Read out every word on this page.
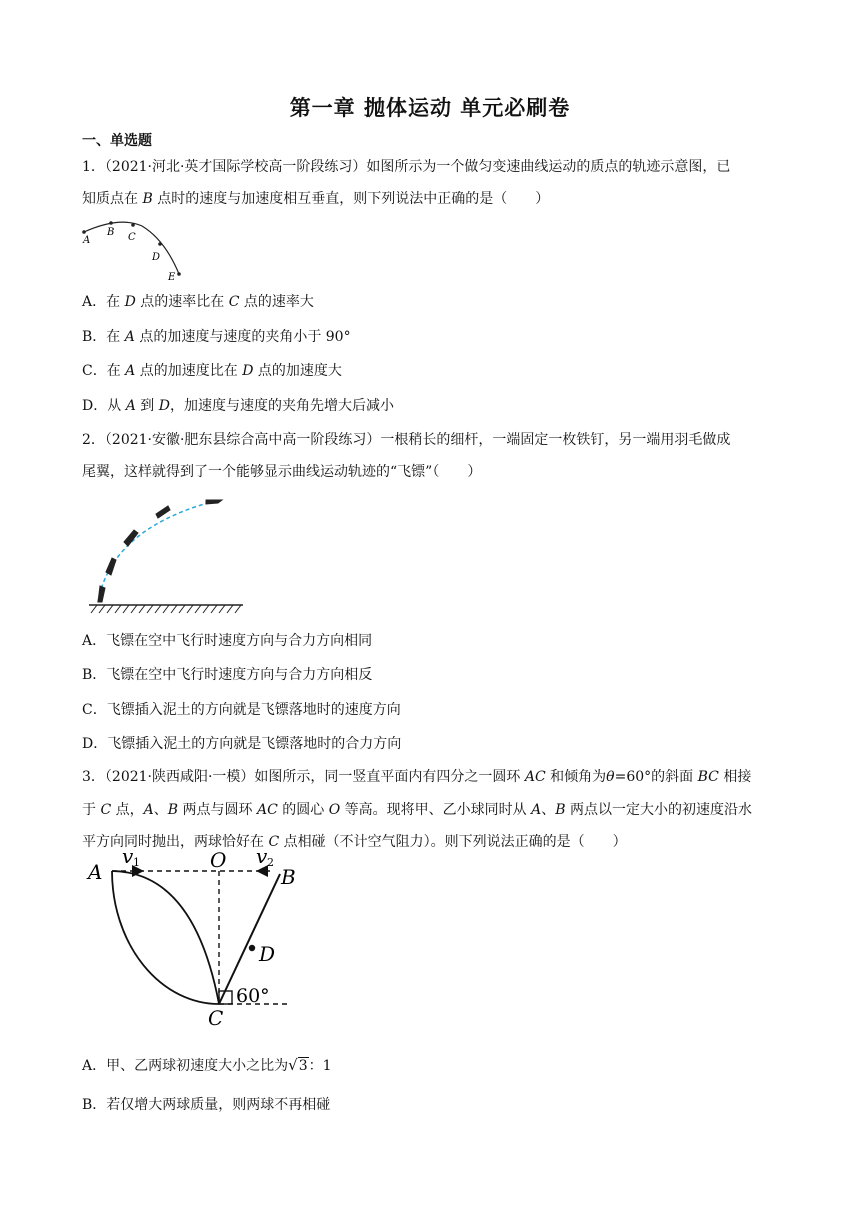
第一章 抛体运动 单元必刷卷
一、单选题
1．（2021·河北·英才国际学校高一阶段练习）如图所示为一个做匀变速曲线运动的质点的轨迹示意图，已
知质点在 B 点时的速度与加速度相互垂直，则下列说法中正确的是（　　）
A
B C
D
E
A．在 D 点的速率比在 C 点的速率大
B．在 A 点的加速度与速度的夹角小于 90°
C．在 A 点的加速度比在 D 点的加速度大
D．从 A 到 D，加速度与速度的夹角先增大后减小
2．（2021·安徽·肥东县综合高中高一阶段练习）一根稍长的细杆，一端固定一枚铁钉，另一端用羽毛做成
尾翼，这样就得到了一个能够显示曲线运动轨迹的“飞镖”（　　）
A．飞镖在空中飞行时速度方向与合力方向相同
B．飞镖在空中飞行时速度方向与合力方向相反
C．飞镖插入泥土的方向就是飞镖落地时的速度方向
D．飞镖插入泥土的方向就是飞镖落地时的合力方向
3．（2021·陕西咸阳·一模）如图所示，同一竖直平面内有四分之一圆环 AC 和倾角为θ=60°的斜面 BC 相接
于 C 点，A、B 两点与圆环 AC 的圆心 O 等高。现将甲、乙小球同时从 A、B 两点以一定大小的初速度沿水
平方向同时抛出，两球恰好在 C 点相碰（不计空气阻力）。则下列说法正确的是（　　）
A	O
B
C
D
v	v
1	2
60°
A．甲、乙两球初速度大小之比为√3：1
B．若仅增大两球质量，则两球不再相碰
